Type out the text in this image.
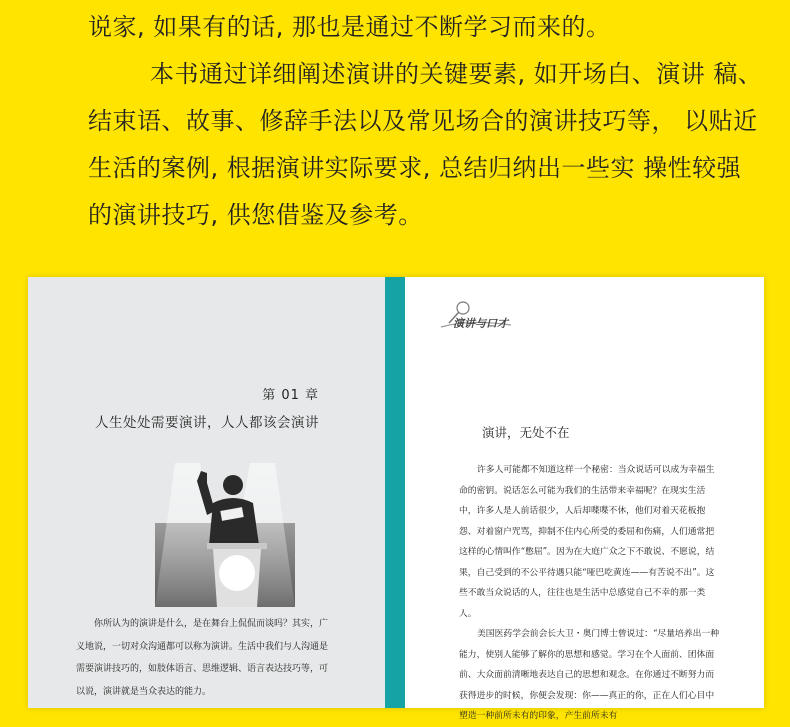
说家, 如果有的话, 那也是通过不断学习而来的。
本书通过详细阐述演讲的关键要素, 如开场白、演讲 稿、
结束语、故事、修辞手法以及常见场合的演讲技巧等， 以贴近
生活的案例, 根据演讲实际要求, 总结归纳出一些实 操性较强
的演讲技巧, 供您借鉴及参考。
第 01 章
人生处处需要演讲，人人都该会演讲

你所认为的演讲是什么，是在舞台上侃侃而谈吗？其实，广义地说，一切对众沟通都可以称为演讲。生活中我们与人沟通是需要演讲技巧的，如肢体语言、思维逻辑、语言表达技巧等，可以说，演讲就是当众表达的能力。

演讲与口才
演讲，无处不在

许多人可能都不知道这样一个秘密：当众说话可以成为幸福生命的密钥。说话怎么可能为我们的生活带来幸福呢？在现实生活中，许多人是人前话很少，人后却喋喋不休，他们对着天花板抱怨、对着窗户咒骂，抑制不住内心所受的委屈和伤痛，人们通常把这样的心情叫作“憋屈”。因为在大庭广众之下不敢说、不愿说，结果，自己受到的不公平待遇只能“哑巴吃黄连——有苦说不出”。这些不敢当众说话的人，往往也是生活中总感觉自己不幸的那一类人。

美国医药学会前会长大卫・奥门博士曾说过：“尽量培养出一种能力，使别人能够了解你的思想和感觉。学习在个人面前、团体面前、大众面前清晰地表达自己的思想和观念。在你通过不断努力而获得进步的时候，你便会发现：你——真正的你，正在人们心目中塑造一种前所未有的印象，产生前所未有
